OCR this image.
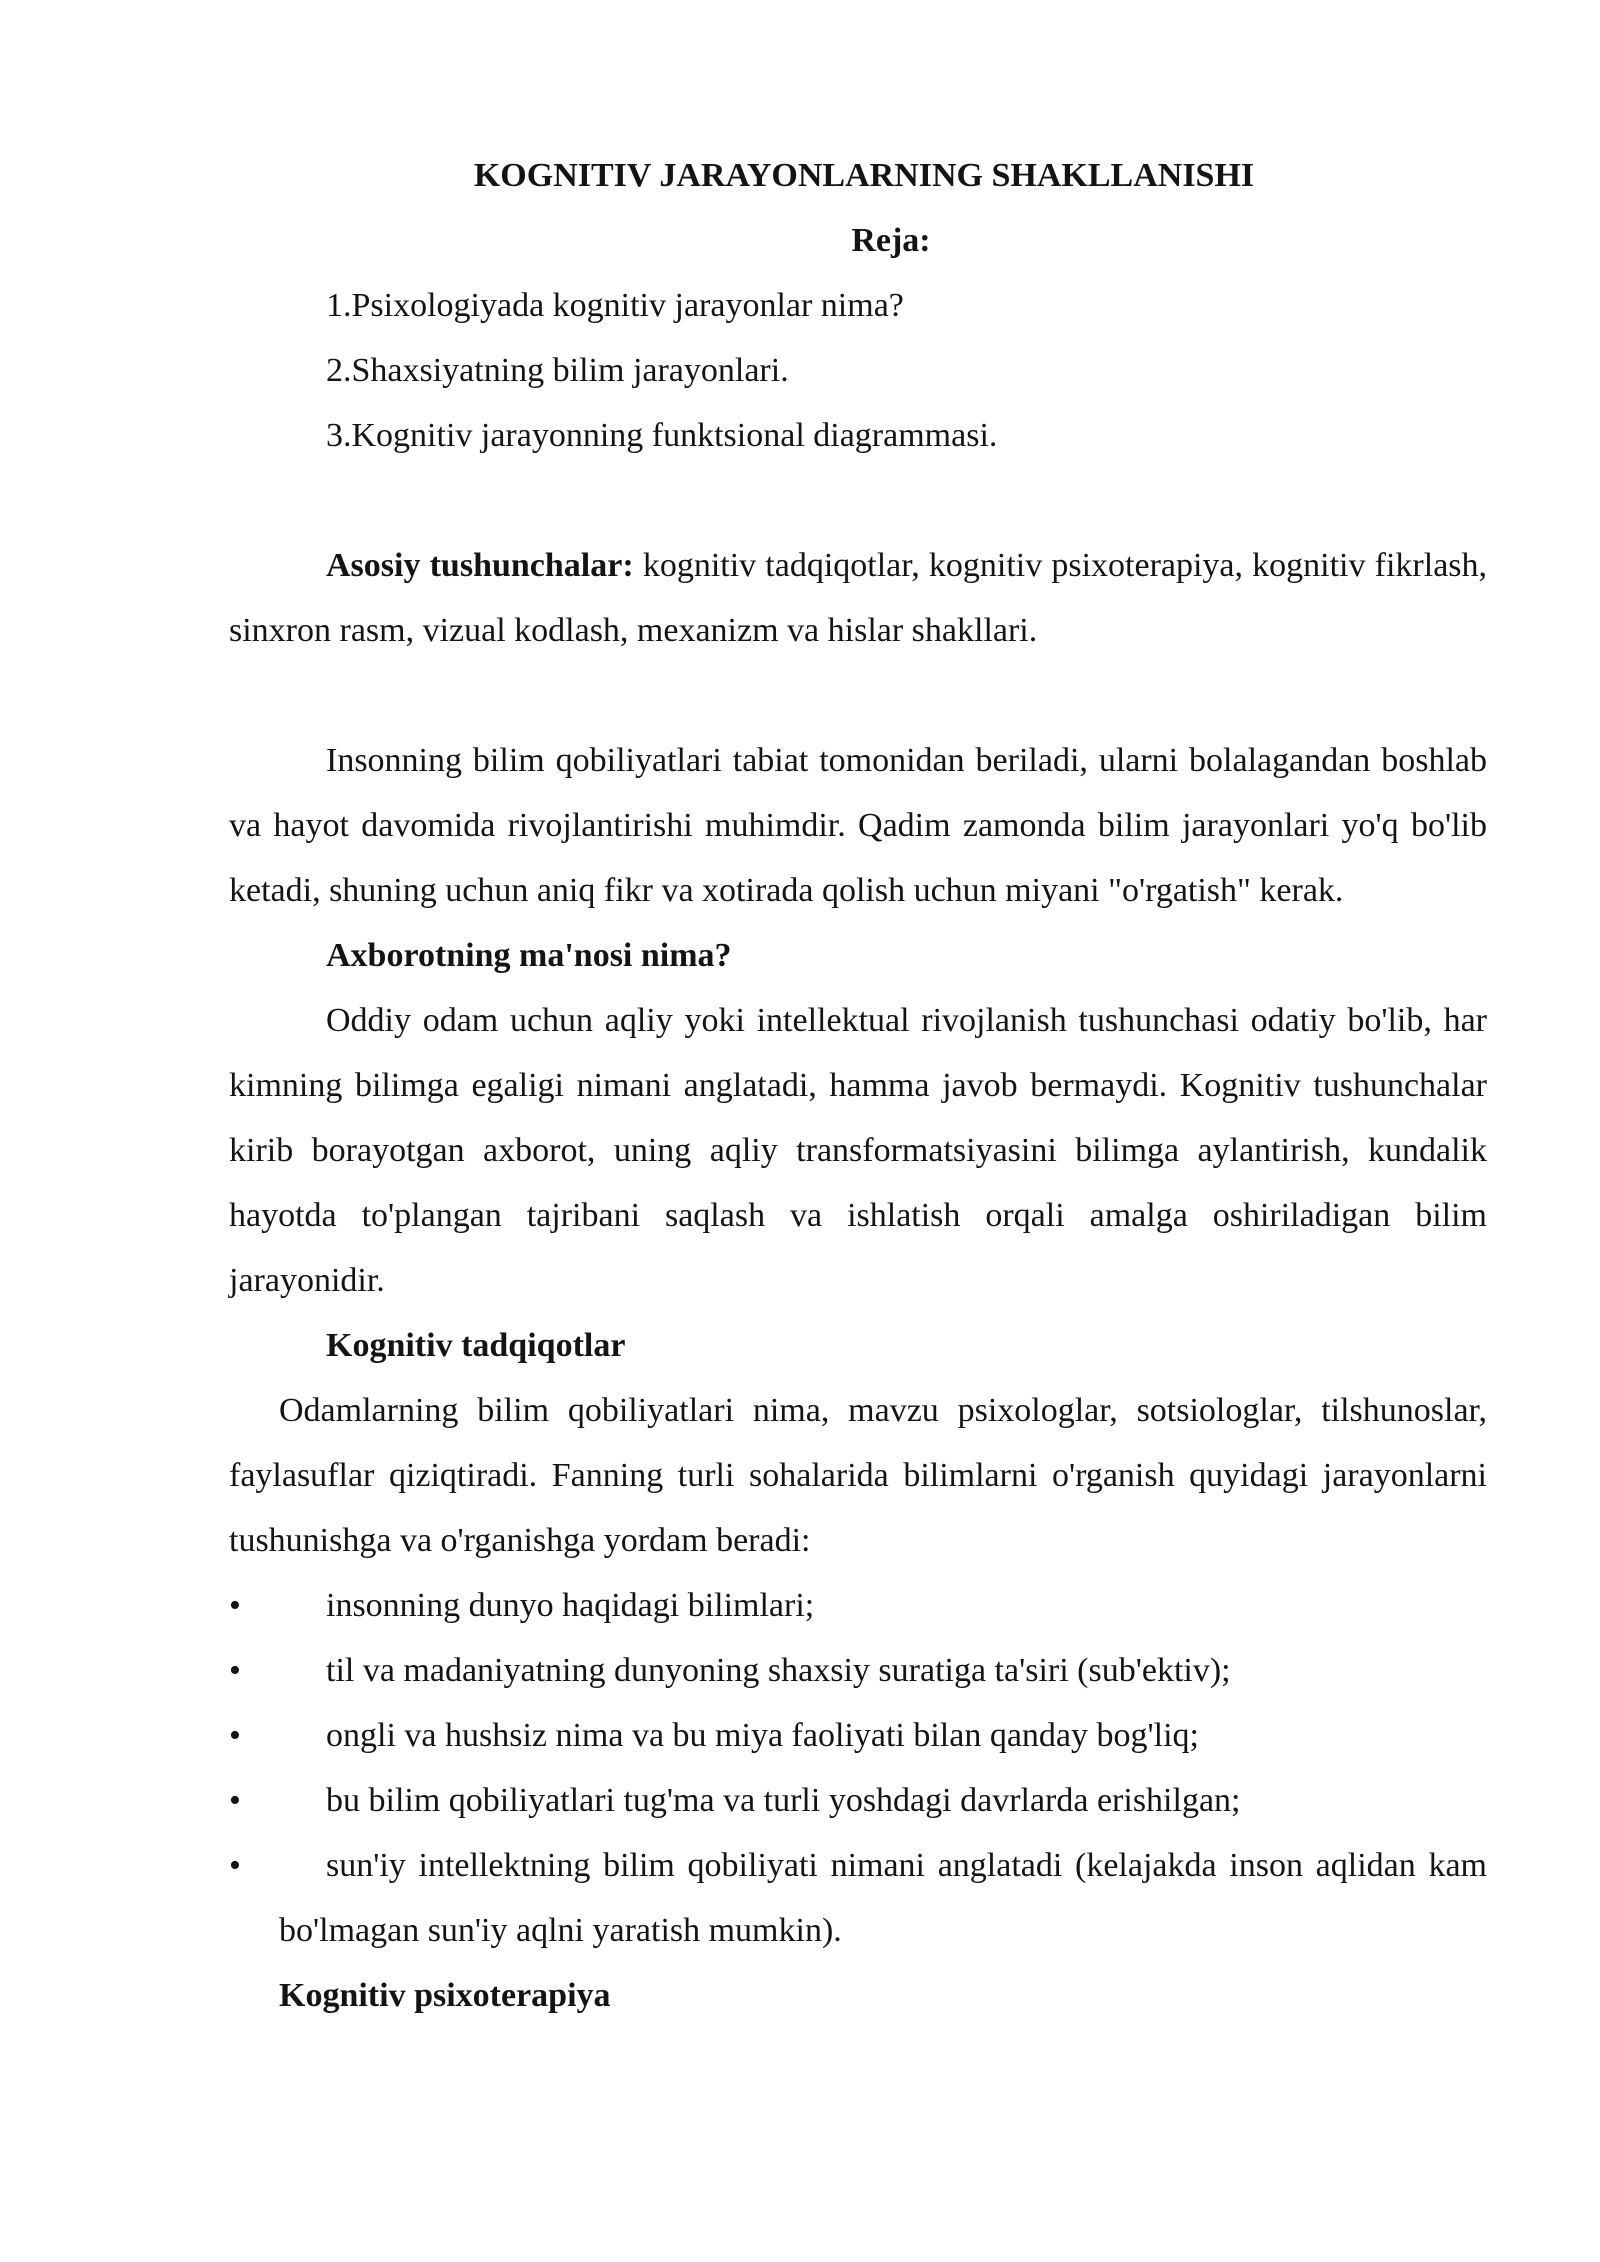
KOGNITIV JARAYONLARNING SHAKLLANISHI

Reja:

1.Psixologiyada kognitiv jarayonlar nima?
2.Shaxsiyatning bilim jarayonlari.
3.Kognitiv jarayonning funktsional diagrammasi.

Asosiy tushunchalar: kognitiv tadqiqotlar, kognitiv psixoterapiya, kognitiv fikrlash, sinxron rasm, vizual kodlash, mexanizm va hislar shakllari.

Insonning bilim qobiliyatlari tabiat tomonidan beriladi, ularni bolalagandan boshlab va hayot davomida rivojlantirishi muhimdir. Qadim zamonda bilim jarayonlari yo'q bo'lib ketadi, shuning uchun aniq fikr va xotirada qolish uchun miyani "o'rgatish" kerak.

Axborotning ma'nosi nima?

Oddiy odam uchun aqliy yoki intellektual rivojlanish tushunchasi odatiy bo'lib, har kimning bilimga egaligi nimani anglatadi, hamma javob bermaydi. Kognitiv tushunchalar kirib borayotgan axborot, uning aqliy transformatsiyasini bilimga aylantirish, kundalik hayotda to'plangan tajribani saqlash va ishlatish orqali amalga oshiriladigan bilim jarayonidir.

Kognitiv tadqiqotlar

Odamlarning bilim qobiliyatlari nima, mavzu psixologlar, sotsiologlar, tilshunoslar, faylasuflar qiziqtiradi. Fanning turli sohalarida bilimlarni o'rganish quyidagi jarayonlarni tushunishga va o'rganishga yordam beradi:

•	insonning dunyo haqidagi bilimlari;
•	til va madaniyatning dunyoning shaxsiy suratiga ta'siri (sub'ektiv);
•	ongli va hushsiz nima va bu miya faoliyati bilan qanday bog'liq;
•	bu bilim qobiliyatlari tug'ma va turli yoshdagi davrlarda erishilgan;
•	sun'iy intellektning bilim qobiliyati nimani anglatadi (kelajakda inson aqlidan kam bo'lmagan sun'iy aqlni yaratish mumkin).

Kognitiv psixoterapiya
